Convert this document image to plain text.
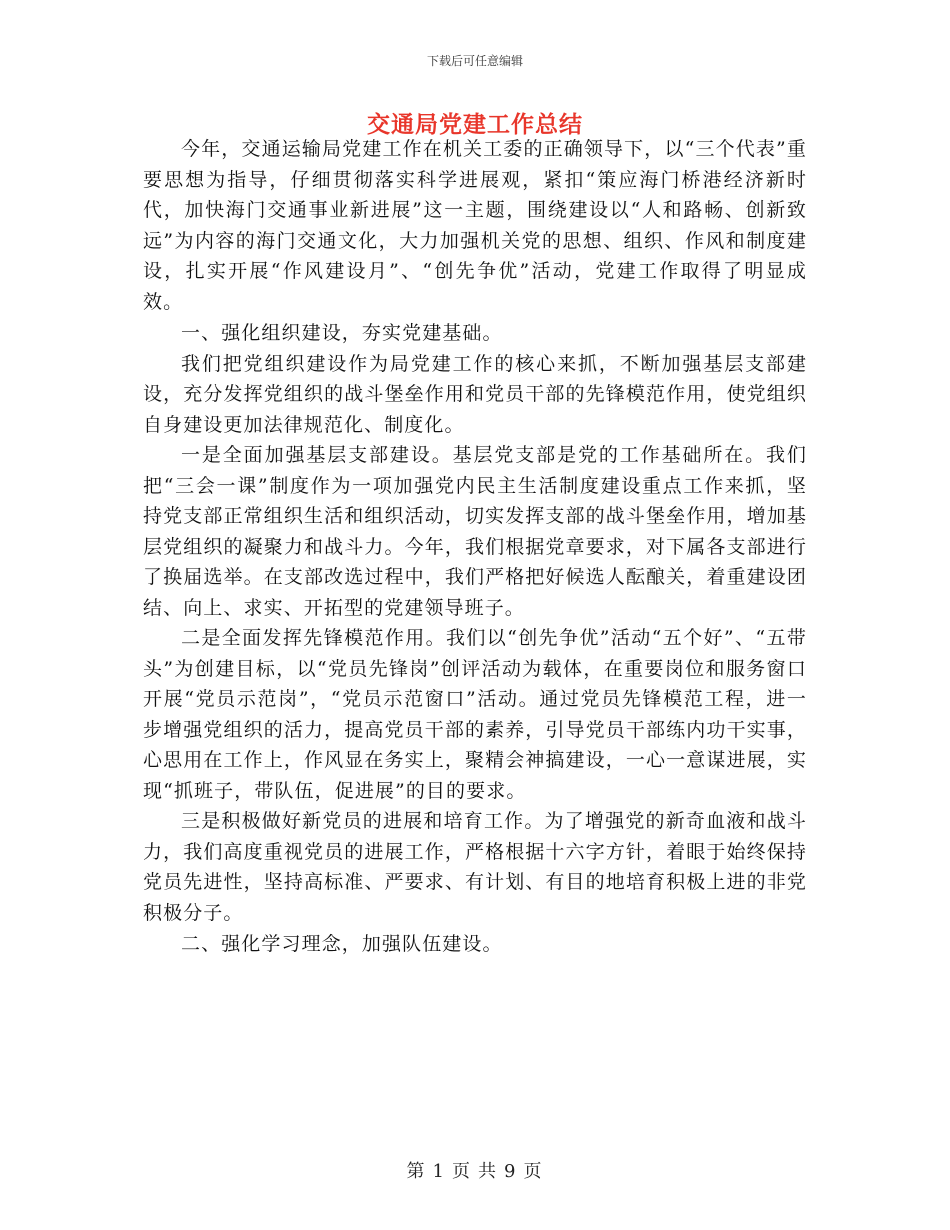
下载后可任意编辑
交通局党建工作总结

今年，交通运输局党建工作在机关工委的正确领导下，以“三个代表”重要思想为指导，仔细贯彻落实科学进展观，紧扣“策应海门桥港经济新时代，加快海门交通事业新进展”这一主题，围绕建设以“人和路畅、创新致远”为内容的海门交通文化，大力加强机关党的思想、组织、作风和制度建设，扎实开展“作风建设月”、“创先争优”活动，党建工作取得了明显成效。

一、强化组织建设，夯实党建基础。

我们把党组织建设作为局党建工作的核心来抓，不断加强基层支部建设，充分发挥党组织的战斗堡垒作用和党员干部的先锋模范作用，使党组织自身建设更加法律规范化、制度化。

一是全面加强基层支部建设。基层党支部是党的工作基础所在。我们把“三会一课”制度作为一项加强党内民主生活制度建设重点工作来抓，坚持党支部正常组织生活和组织活动，切实发挥支部的战斗堡垒作用，增加基层党组织的凝聚力和战斗力。今年，我们根据党章要求，对下属各支部进行了换届选举。在支部改选过程中，我们严格把好候选人酝酿关，着重建设团结、向上、求实、开拓型的党建领导班子。

二是全面发挥先锋模范作用。我们以“创先争优”活动“五个好”、“五带头”为创建目标，以“党员先锋岗”创评活动为载体，在重要岗位和服务窗口开展“党员示范岗”，“党员示范窗口”活动。通过党员先锋模范工程，进一步增强党组织的活力，提高党员干部的素养，引导党员干部练内功干实事，心思用在工作上，作风显在务实上，聚精会神搞建设，一心一意谋进展，实现“抓班子，带队伍，促进展”的目的要求。

三是积极做好新党员的进展和培育工作。为了增强党的新奇血液和战斗力，我们高度重视党员的进展工作，严格根据十六字方针，着眼于始终保持党员先进性，坚持高标准、严要求、有计划、有目的地培育积极上进的非党积极分子。

二、强化学习理念，加强队伍建设。

第 1 页 共 9 页
